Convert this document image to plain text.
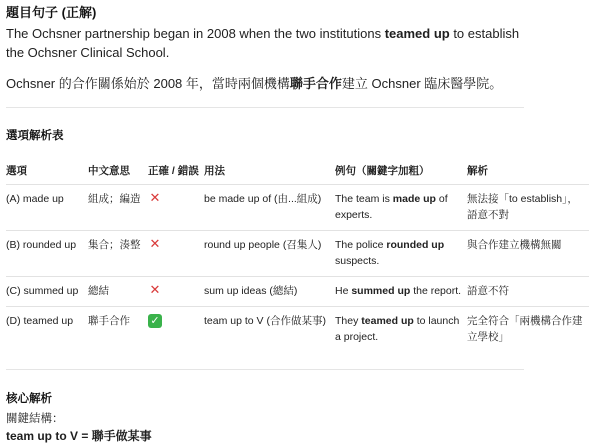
題目句子 (正解)
The Ochsner partnership began in 2008 when the two institutions teamed up to establish the Ochsner Clinical School.
Ochsner 的合作關係始於 2008 年，當時兩個機構聯手合作建立 Ochsner 臨床醫學院。
選項解析表
選項	中文意思	正確 / 錯誤	用法	例句（關鍵字加粗）	解析

(A) made up	組成；編造	✕	be made up of (由...組成)	The team is made up of experts.	無法接「to establish」，語意不對

(B) rounded up	集合；湊整	✕	round up people (召集人)	The police rounded up suspects.	與合作建立機構無關

(C) summed up	總結	✕	sum up ideas (總結)	He summed up the report.	語意不符

(D) teamed up	聯手合作	✓	team up to V (合作做某事)	They teamed up to launch a project.	完全符合「兩機構合作建立學校」
核心解析
關鍵結構：
team up to V = 聯手做某事
